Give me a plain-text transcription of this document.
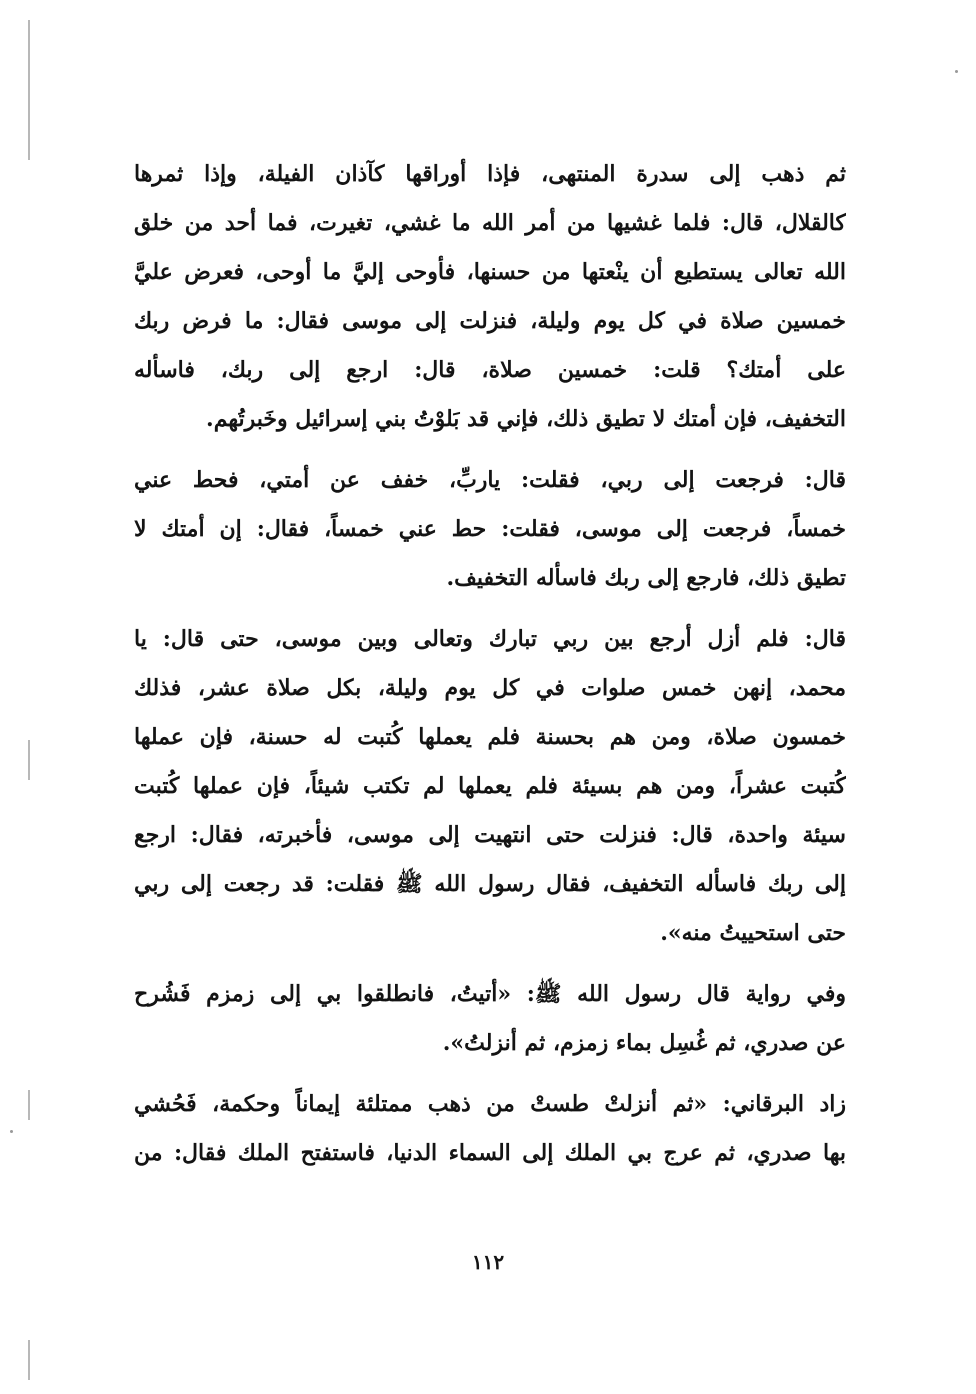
ثم ذهب إلى سدرة المنتهى، فإذا أوراقها كآذان الفيلة، وإذا ثمرها
كالقلال، قال: فلما غشيها من أمر الله ما غشي، تغيرت، فما أحد من خلق
الله تعالى يستطيع أن ينْعتها من حسنها، فأوحى إليَّ ما أوحى، فعرض عليَّ
خمسين صلاة في كل يوم وليلة، فنزلت إلى موسى فقال: ما فرض ربك
على أمتك؟ قلت: خمسين صلاة، قال: ارجع إلى ربك، فاسأله
التخفيف، فإن أمتك لا تطيق ذلك، فإني قد بَلوْتُ بني إسرائيل وخَبرتُهم.
قال: فرجعت إلى ربي، فقلت: ياربِّ، خفف عن أمتي، فحط عني
خمساً، فرجعت إلى موسى، فقلت: حط عني خمساً، فقال: إن أمتك لا
تطيق ذلك، فارجع إلى ربك فاسأله التخفيف.
قال: فلم أزل أرجع بين ربي تبارك وتعالى وبين موسى، حتى قال: يا
محمد، إنهن خمس صلوات في كل يوم وليلة، بكل صلاة عشر، فذلك
خمسون صلاة، ومن هم بحسنة فلم يعملها كُتبت له حسنة، فإن عملها
كُتبت عشراً، ومن هم بسيئة فلم يعملها لم تكتب شيئاً، فإن عملها كُتبت
سيئة واحدة، قال: فنزلت حتى انتهيت إلى موسى، فأخبرته، فقال: ارجع
إلى ربك فاسأله التخفيف، فقال رسول الله ﷺ فقلت: قد رجعت إلى ربي
حتى استحييتُ منه».
وفي رواية قال رسول الله ﷺ: «أتيتُ، فانطلقوا بي إلى زمزم فَشُرح
عن صدري، ثم غُسِل بماء زمزم، ثم أنزلتُ».
زاد البرقاني: «ثم أنزلتْ طستْ من ذهب ممتلئة إيماناً وحكمة، فَحُشي
بها صدري، ثم عرج بي الملك إلى السماء الدنيا، فاستفتح الملك فقال: من
١١٢
